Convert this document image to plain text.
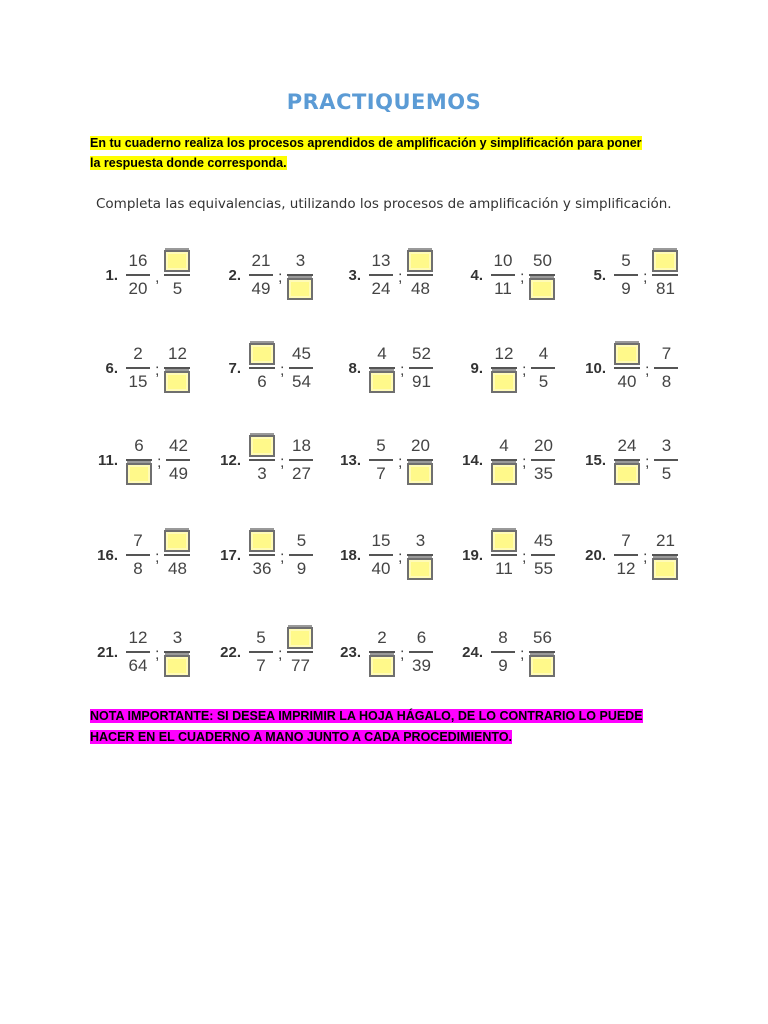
PRACTIQUEMOS
En tu cuaderno realiza los procesos aprendidos de amplificación y simplificación para poner la respuesta donde corresponda.
Completa las equivalencias, utilizando los procesos de amplificación y simplificación.
1. $\frac{16}{20}$ ,
5
2. $\frac{21}{49}$ ;
3
3. $\frac{13}{24}$ ;
48
4. $\frac{10}{11}$ ;
50
5. $\frac{5}{9}$ ;
81
6. $\frac{2}{15}$ ;
12
7.
6
; $\frac{45}{54}$	8.
4
; $\frac{52}{91}$	9.
12
; $\frac{4}{5}$	10.
40
; $\frac{7}{8}$
11.
6
; $\frac{42}{49}$	12.
3
; $\frac{18}{27}$	13. $\frac{5}{7}$ ;
20
14.
4
; $\frac{20}{35}$	15.
24
; $\frac{3}{5}$
16. $\frac{7}{8}$ ;
48
17.
36
; $\frac{5}{9}$	18. $\frac{15}{40}$ ;
3
19.
11
; $\frac{45}{55}$	20. $\frac{7}{12}$ ;
21
21. $\frac{12}{64}$ ;
3
22. $\frac{5}{7}$ ;
77
23.
2
; $\frac{6}{39}$	24. $\frac{8}{9}$ ;
56
NOTA IMPORTANTE: SI DESEA IMPRIMIR LA HOJA HÁGALO, DE LO CONTRARIO LO PUEDE HACER EN EL CUADERNO A MANO JUNTO A CADA PROCEDIMIENTO.
